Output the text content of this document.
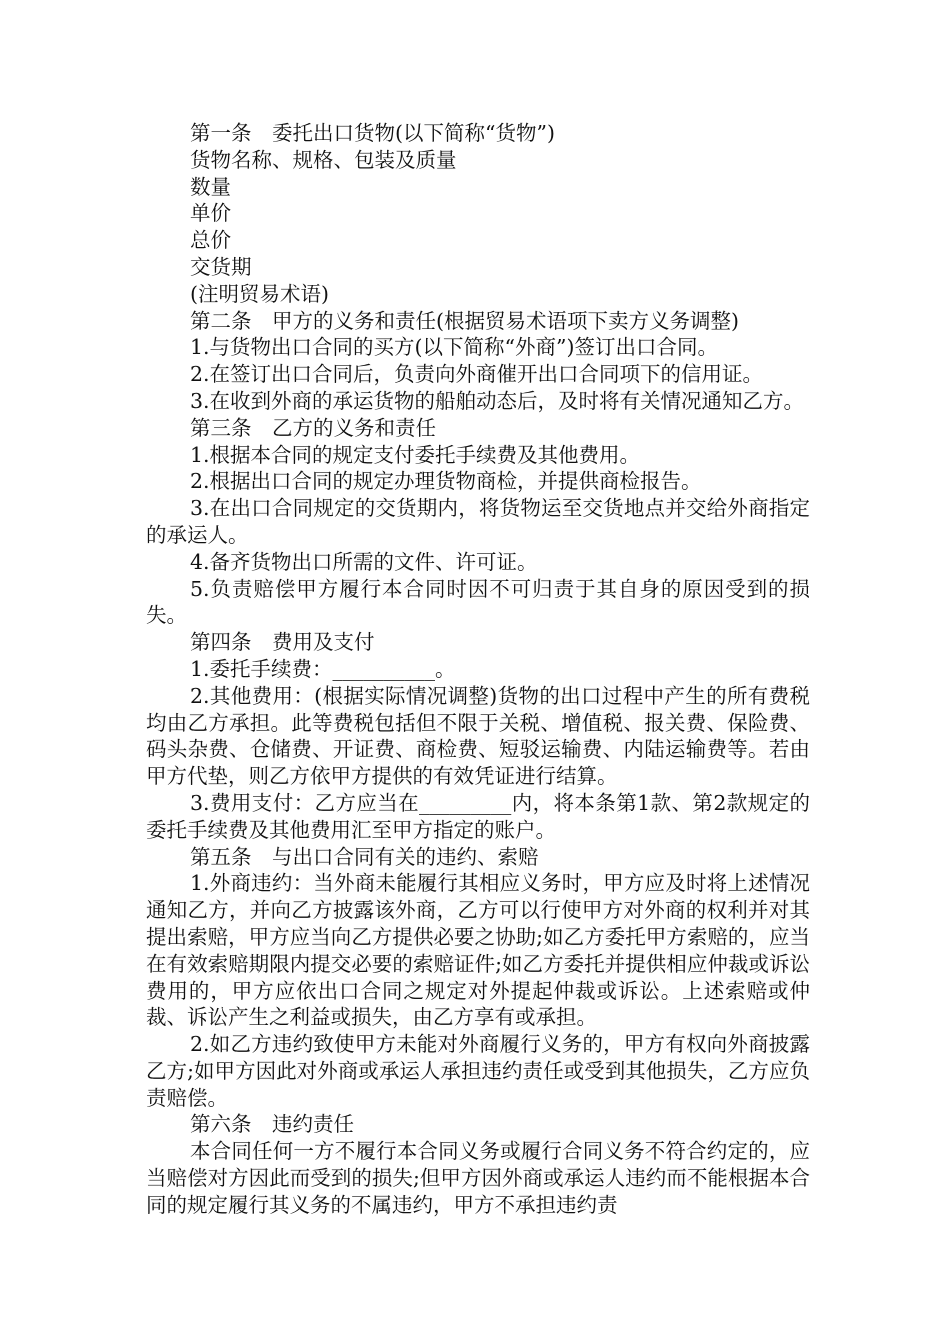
第一条　委托出口货物(以下简称“货物”)

货物名称、规格、包装及质量

数量

单价

总价

交货期

(注明贸易术语)

第二条　甲方的义务和责任(根据贸易术语项下卖方义务调整)

1.与货物出口合同的买方(以下简称“外商”)签订出口合同。

2.在签订出口合同后，负责向外商催开出口合同项下的信用证。

3.在收到外商的承运货物的船舶动态后，及时将有关情况通知乙方。

第三条　乙方的义务和责任

1.根据本合同的规定支付委托手续费及其他费用。

2.根据出口合同的规定办理货物商检，并提供商检报告。

3.在出口合同规定的交货期内，将货物运至交货地点并交给外商指定的承运人。

4.备齐货物出口所需的文件、许可证。

5.负责赔偿甲方履行本合同时因不可归责于其自身的原因受到的损失。

第四条　费用及支付

1.委托手续费：__________。

2.其他费用：(根据实际情况调整)货物的出口过程中产生的所有费税均由乙方承担。此等费税包括但不限于关税、增值税、报关费、保险费、码头杂费、仓储费、开证费、商检费、短驳运输费、内陆运输费等。若由甲方代垫，则乙方依甲方提供的有效凭证进行结算。

3.费用支付：乙方应当在_________内，将本条第1款、第2款规定的委托手续费及其他费用汇至甲方指定的账户。

第五条　与出口合同有关的违约、索赔

1.外商违约：当外商未能履行其相应义务时，甲方应及时将上述情况通知乙方，并向乙方披露该外商，乙方可以行使甲方对外商的权利并对其提出索赔，甲方应当向乙方提供必要之协助;如乙方委托甲方索赔的，应当在有效索赔期限内提交必要的索赔证件;如乙方委托并提供相应仲裁或诉讼费用的，甲方应依出口合同之规定对外提起仲裁或诉讼。上述索赔或仲裁、诉讼产生之利益或损失，由乙方享有或承担。

2.如乙方违约致使甲方未能对外商履行义务的，甲方有权向外商披露乙方;如甲方因此对外商或承运人承担违约责任或受到其他损失，乙方应负责赔偿。

第六条　违约责任

本合同任何一方不履行本合同义务或履行合同义务不符合约定的，应当赔偿对方因此而受到的损失;但甲方因外商或承运人违约而不能根据本合同的规定履行其义务的不属违约，甲方不承担违约责
